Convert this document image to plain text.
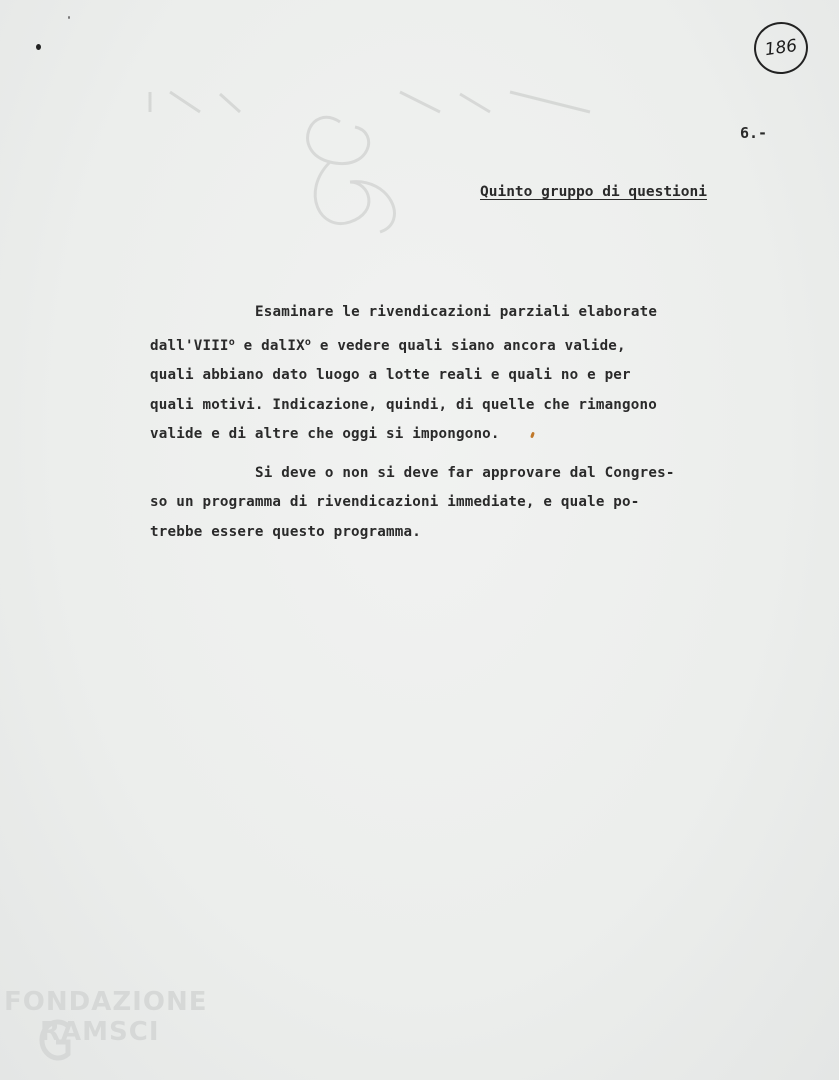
186
6.-
Quinto gruppo di questioni
Esaminare le rivendicazioni parziali elaborate
dall'VIII$^o$ e dalIX$^o$ e vedere quali siano ancora valide,
quali abbiano dato luogo a lotte reali e quali no e per
quali motivi. Indicazione, quindi, di quelle che rimangono
valide e di altre che oggi si impongono.
Si deve o non si deve far approvare dal Congres-
so un programma di rivendicazioni immediate, e quale po-
trebbe essere questo programma.
FONDAZIONE
RAMSCI
